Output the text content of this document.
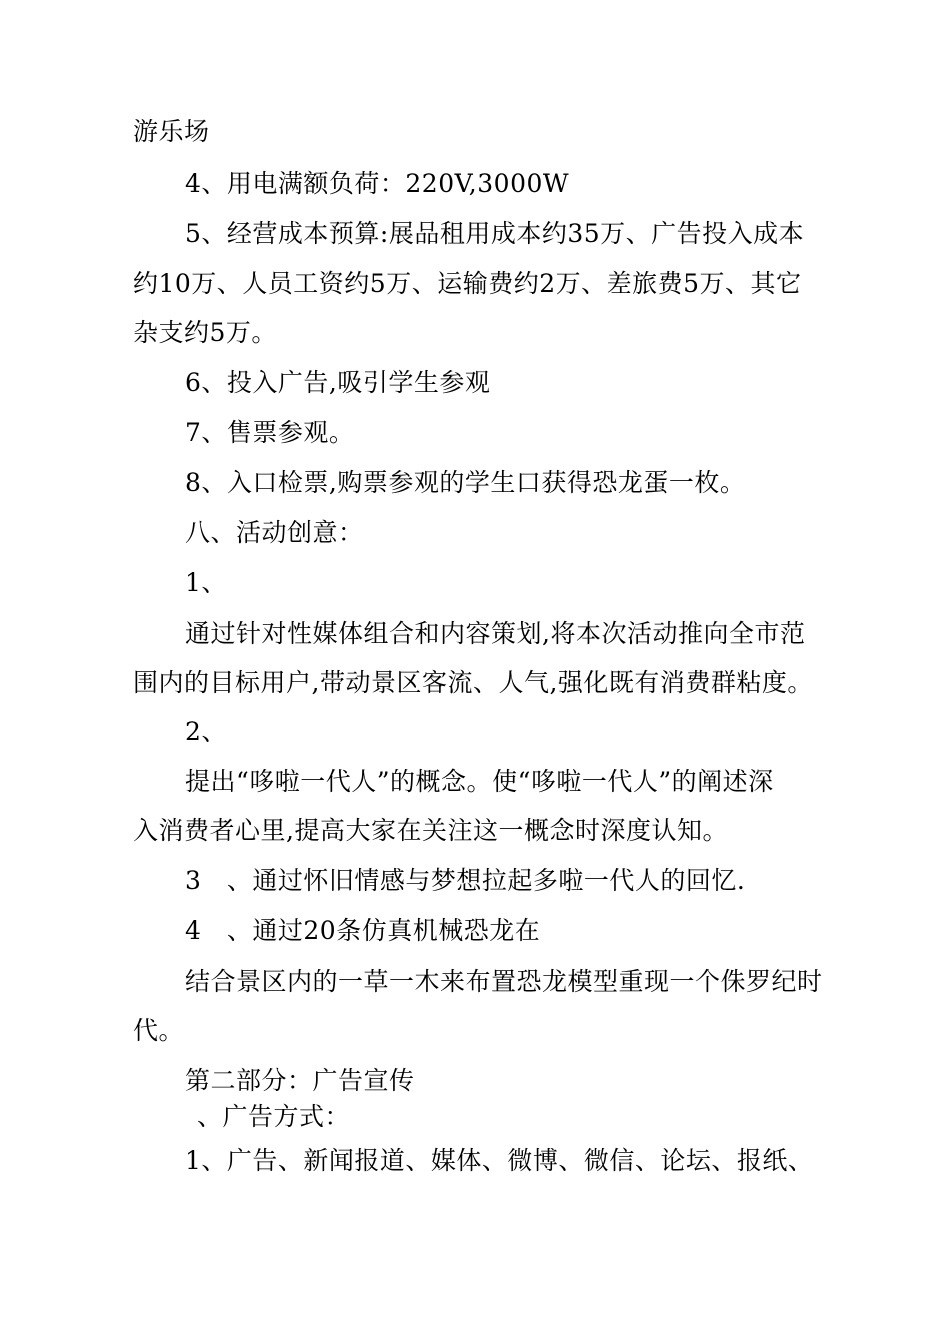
游乐场
4、用电满额负荷：220V,3000W
5、经营成本预算:展品租用成本约35万、广告投入成本
约10万、人员工资约5万、运输费约2万、差旅费5万、其它
杂支约5万。
6、投入广告,吸引学生参观
7、售票参观。
8、入口检票,购票参观的学生口获得恐龙蛋一枚。
八、活动创意：
1、
通过针对性媒体组合和内容策划,将本次活动推向全市范
围内的目标用户,带动景区客流、人气,强化既有消费群粘度。
2、
提出“哆啦一代人”的概念。使“哆啦一代人”的阐述深
入消费者心里,提高大家在关注这一概念时深度认知。
3　、通过怀旧情感与梦想拉起多啦一代人的回忆.
4　、通过20条仿真机械恐龙在
结合景区内的一草一木来布置恐龙模型重现一个侏罗纪时
代。
第二部分：广告宣传
、广告方式：
1、广告、新闻报道、媒体、微博、微信、论坛、报纸、
